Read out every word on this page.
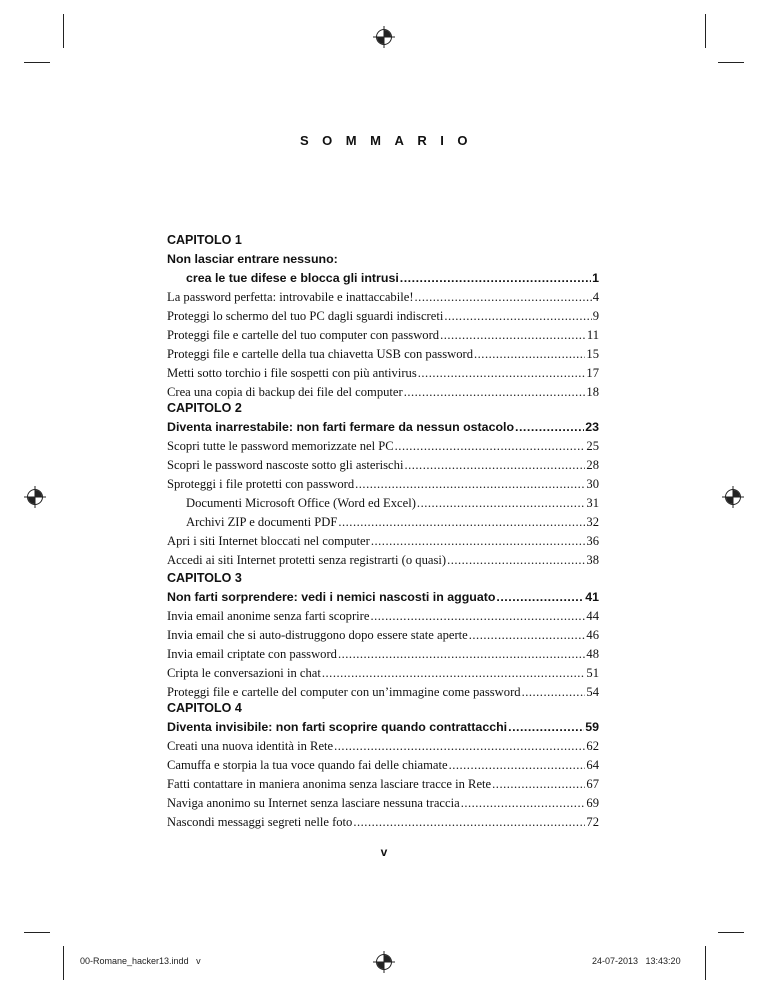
SOMMARIO
CAPITOLO 1
Non lasciar entrare nessuno:
crea le tue difese e blocca gli intrusi .....	1
La password perfetta: introvabile e inattaccabile! .....	4
Proteggi lo schermo del tuo PC dagli sguardi indiscreti .....	9
Proteggi file e cartelle del tuo computer con password .....	11
Proteggi file e cartelle della tua chiavetta USB con password .....	15
Metti sotto torchio i file sospetti con più antivirus .....	17
Crea una copia di backup dei file del computer .....	18
CAPITOLO 2
Diventa inarrestabile: non farti fermare da nessun ostacolo .....	23
Scopri tutte le password memorizzate nel PC .....	25
Scopri le password nascoste sotto gli asterischi .....	28
Sproteggi i file protetti con password .....	30
Documenti Microsoft Office (Word ed Excel) .....	31
Archivi ZIP e documenti PDF .....	32
Apri i siti Internet bloccati nel computer .....	36
Accedi ai siti Internet protetti senza registrarti (o quasi) .....	38
CAPITOLO 3
Non farti sorprendere: vedi i nemici nascosti in agguato .....	41
Invia email anonime senza farti scoprire .....	44
Invia email che si auto-distruggono dopo essere state aperte .....	46
Invia email criptate con password .....	48
Cripta le conversazioni in chat .....	51
Proteggi file e cartelle del computer con un’immagine come password .....	54
CAPITOLO 4
Diventa invisibile: non farti scoprire quando contrattacchi .....	59
Creati una nuova identità in Rete .....	62
Camuffa e storpia la tua voce quando fai delle chiamate .....	64
Fatti contattare in maniera anonima senza lasciare tracce in Rete .....	67
Naviga anonimo su Internet senza lasciare nessuna traccia .....	69
Nascondi messaggi segreti nelle foto .....	72
v
00-Romane_hacker13.indd   v	24-07-2013   13:43:20
